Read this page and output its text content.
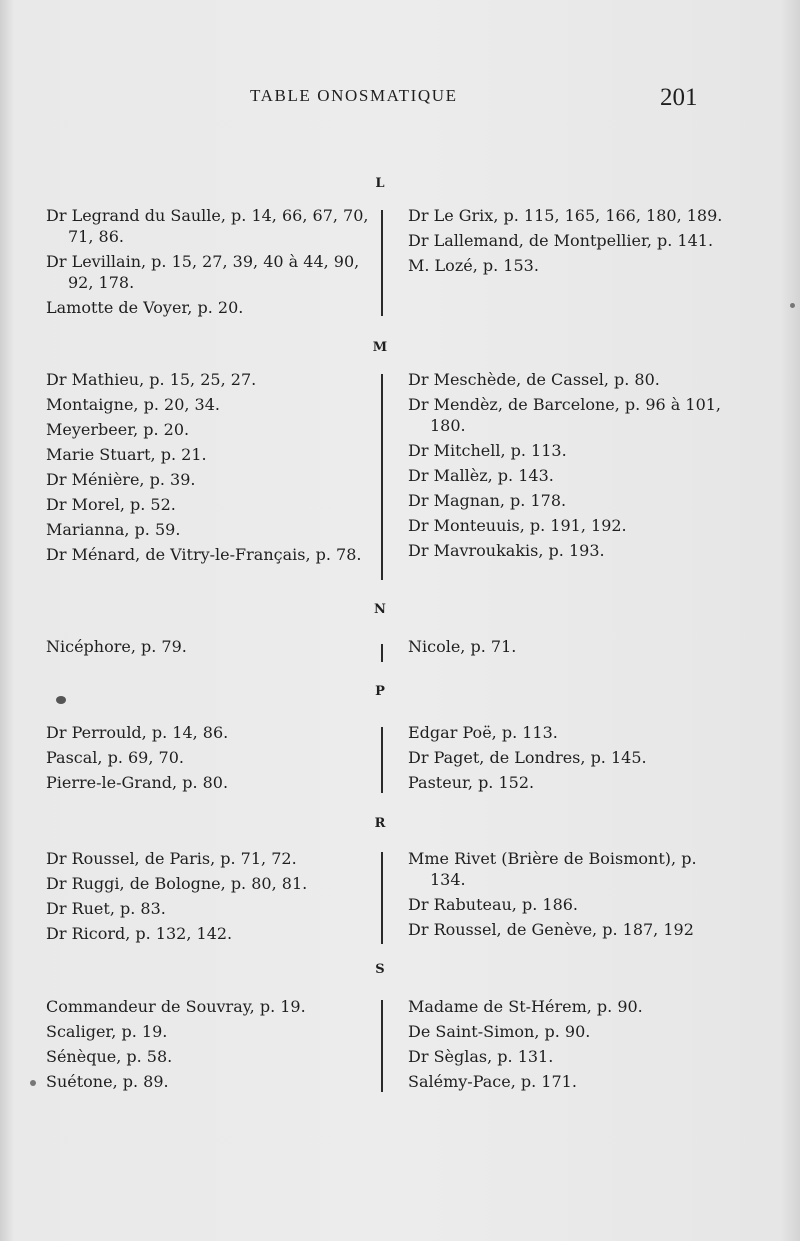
TABLE ONOSMATIQUE	201
L
Dr Legrand du Saulle, p. 14, 66, 67, 70, 71, 86.
Dr Levillain, p. 15, 27, 39, 40 à 44, 90, 92, 178.
Lamotte de Voyer, p. 20.
Dr Le Grix, p. 115, 165, 166, 180, 189.
Dr Lallemand, de Montpellier, p. 141.
M. Lozé, p. 153.
M
Dr Mathieu, p. 15, 25, 27.
Montaigne, p. 20, 34.
Meyerbeer, p. 20.
Marie Stuart, p. 21.
Dr Ménière, p. 39.
Dr Morel, p. 52.
Marianna, p. 59.
Dr Ménard, de Vitry-le-Français, p. 78.
Dr Meschède, de Cassel, p. 80.
Dr Mendèz, de Barcelone, p. 96 à 101, 180.
Dr Mitchell, p. 113.
Dr Mallèz, p. 143.
Dr Magnan, p. 178.
Dr Monteuuis, p. 191, 192.
Dr Mavroukakis, p. 193.
N
Nicéphore, p. 79.	Nicole, p. 71.
P
Dr Perrould, p. 14, 86.
Pascal, p. 69, 70.
Pierre-le-Grand, p. 80.
Edgar Poë, p. 113.
Dr Paget, de Londres, p. 145.
Pasteur, p. 152.
R
Dr Roussel, de Paris, p. 71, 72.
Dr Ruggi, de Bologne, p. 80, 81.
Dr Ruet, p. 83.
Dr Ricord, p. 132, 142.
Mme Rivet (Brière de Boismont), p. 134.
Dr Rabuteau, p. 186.
Dr Roussel, de Genève, p. 187, 192
S
Commandeur de Souvray, p. 19.
Scaliger, p. 19.
Sénèque, p. 58.
Suétone, p. 89.
Madame de St-Hérem, p. 90.
De Saint-Simon, p. 90.
Dr Sèglas, p. 131.
Salémy-Pace, p. 171.
